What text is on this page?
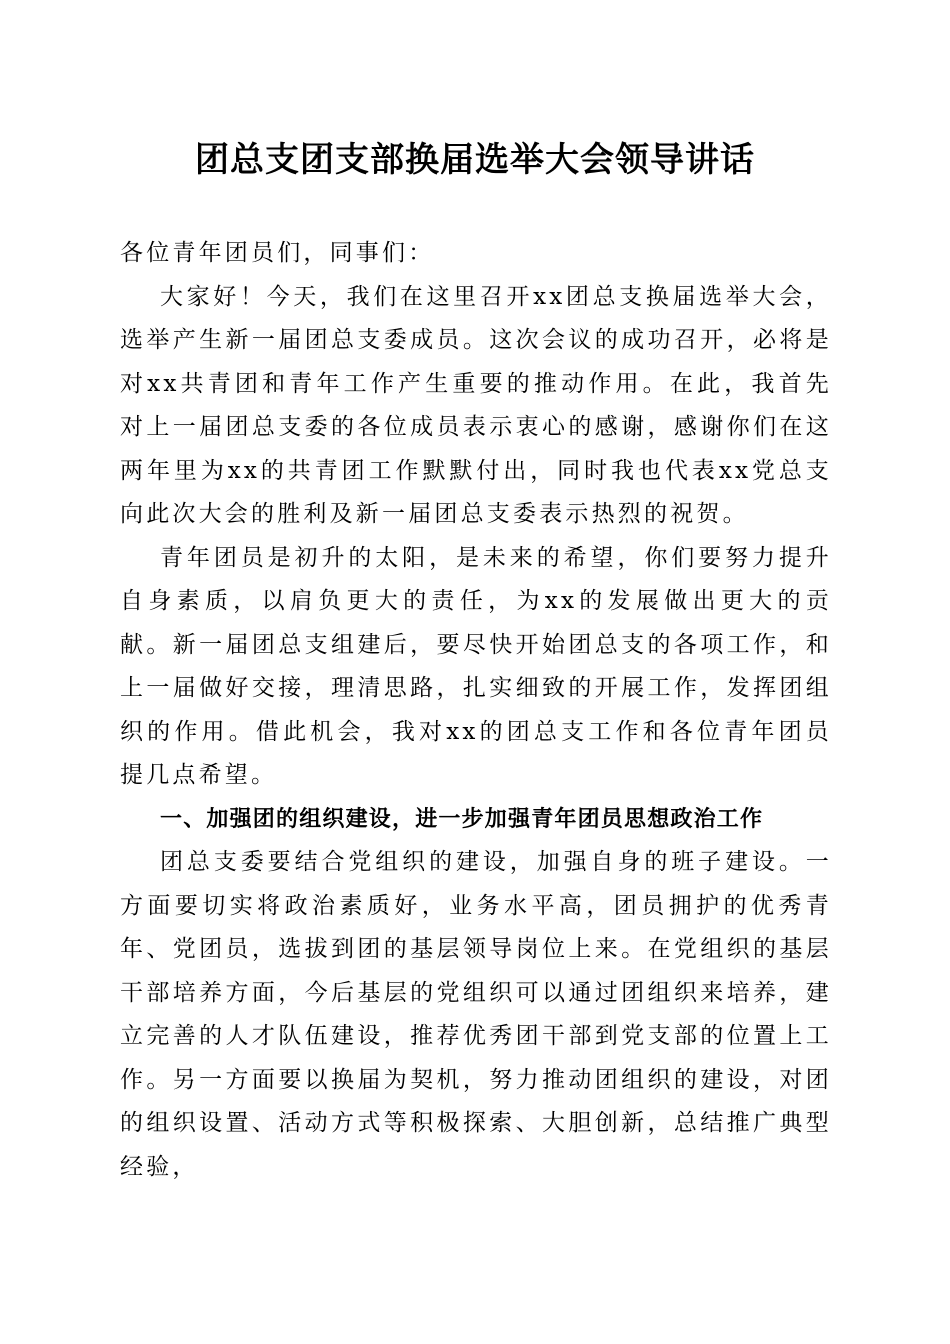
团总支团支部换届选举大会领导讲话

各位青年团员们，同事们：

大家好！今天，我们在这里召开xx团总支换届选举大会，选举产生新一届团总支委成员。这次会议的成功召开，必将是对xx共青团和青年工作产生重要的推动作用。在此，我首先对上一届团总支委的各位成员表示衷心的感谢，感谢你们在这两年里为xx的共青团工作默默付出，同时我也代表xx党总支向此次大会的胜利及新一届团总支委表示热烈的祝贺。

青年团员是初升的太阳，是未来的希望，你们要努力提升自身素质，以肩负更大的责任，为xx的发展做出更大的贡献。新一届团总支组建后，要尽快开始团总支的各项工作，和上一届做好交接，理清思路，扎实细致的开展工作，发挥团组织的作用。借此机会，我对xx的团总支工作和各位青年团员提几点希望。

一、加强团的组织建设，进一步加强青年团员思想政治工作

团总支委要结合党组织的建设，加强自身的班子建设。一方面要切实将政治素质好，业务水平高，团员拥护的优秀青年、党团员，选拔到团的基层领导岗位上来。在党组织的基层干部培养方面，今后基层的党组织可以通过团组织来培养，建立完善的人才队伍建设，推荐优秀团干部到党支部的位置上工作。另一方面要以换届为契机，努力推动团组织的建设，对团的组织设置、活动方式等积极探索、大胆创新，总结推广典型经验，
